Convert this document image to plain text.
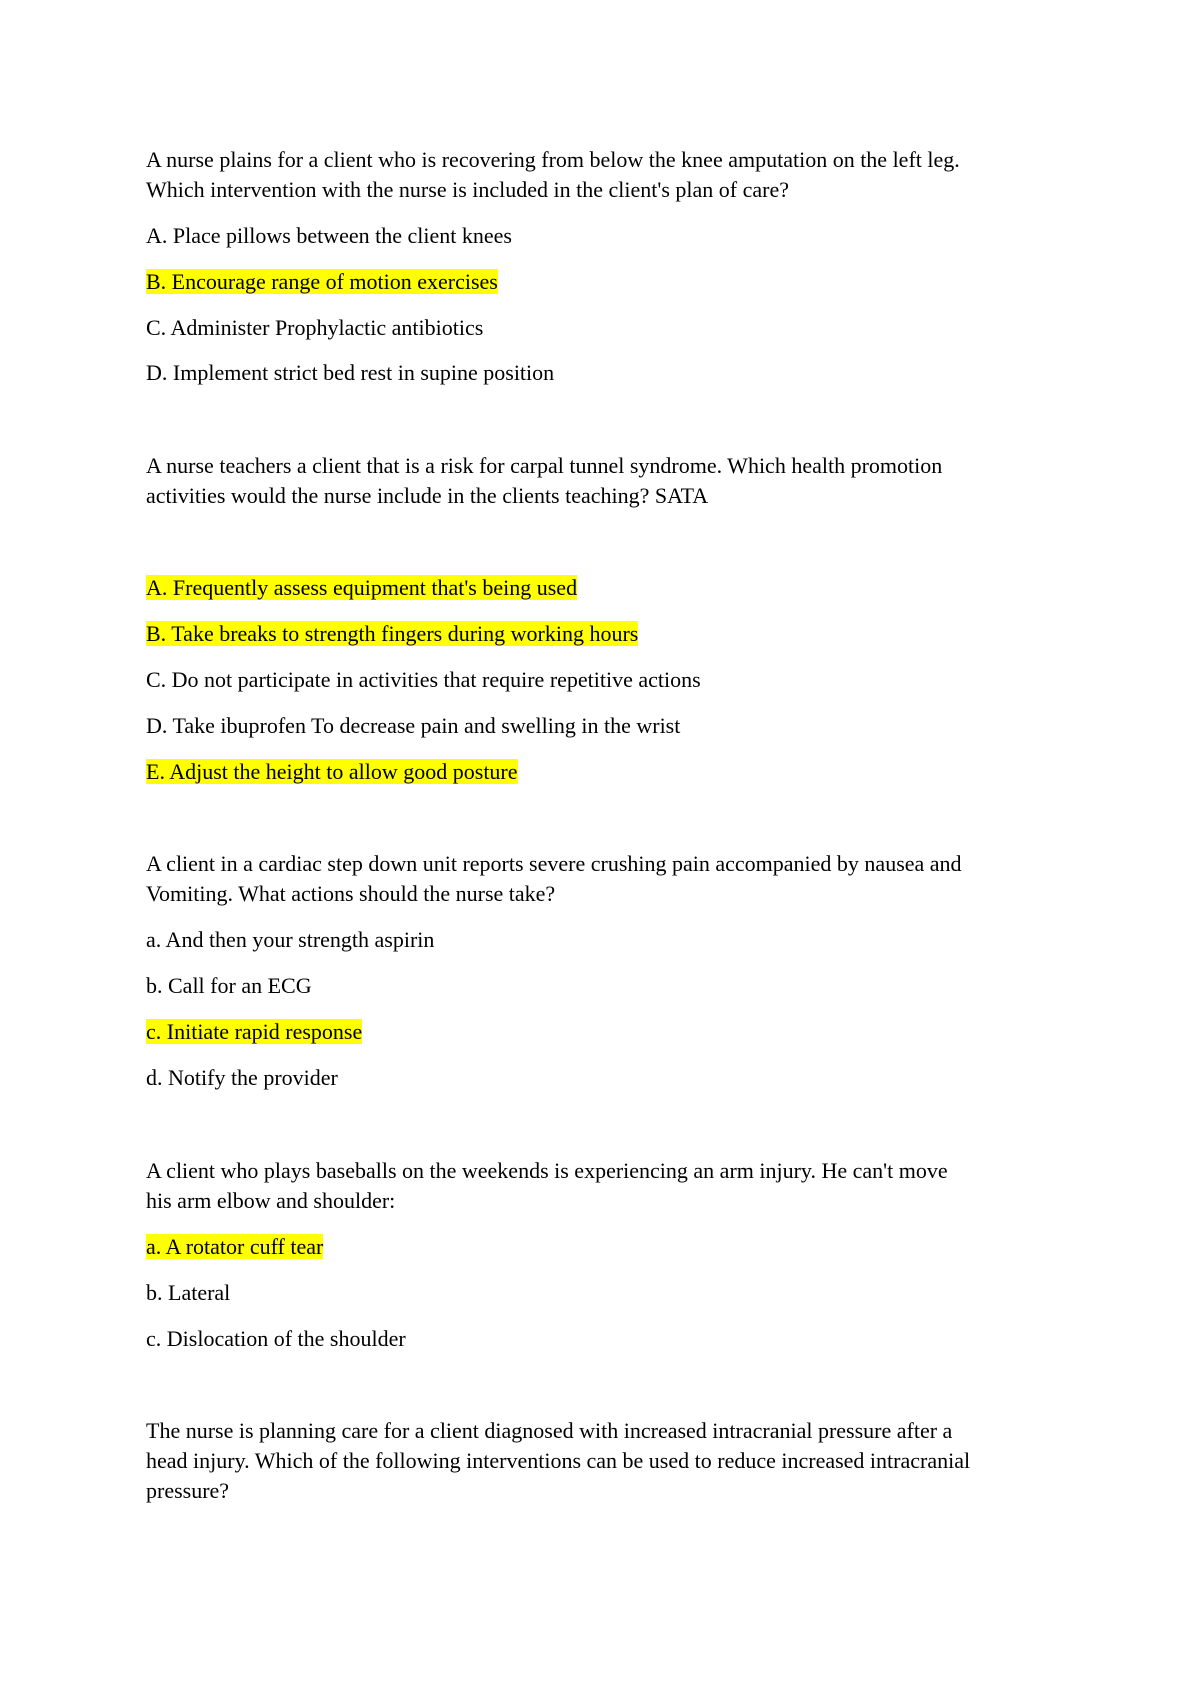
A nurse plains for a client who is recovering from below the knee amputation on the left leg.
Which intervention with the nurse is included in the client's plan of care?
A. Place pillows between the client knees
B. Encourage range of motion exercises
C. Administer Prophylactic antibiotics
D. Implement strict bed rest in supine position
A nurse teachers a client that is a risk for carpal tunnel syndrome. Which health promotion
activities would the nurse include in the clients teaching? SATA
A. Frequently assess equipment that's being used
B. Take breaks to strength fingers during working hours
C. Do not participate in activities that require repetitive actions
D. Take ibuprofen To decrease pain and swelling in the wrist
E. Adjust the height to allow good posture
A client in a cardiac step down unit reports severe crushing pain accompanied by nausea and
Vomiting. What actions should the nurse take?
a. And then your strength aspirin
b. Call for an ECG
c. Initiate rapid response
d. Notify the provider
A client who plays baseballs on the weekends is experiencing an arm injury. He can't move
his arm elbow and shoulder:
a. A rotator cuff tear
b. Lateral
c. Dislocation of the shoulder
The nurse is planning care for a client diagnosed with increased intracranial pressure after a
head injury. Which of the following interventions can be used to reduce increased intracranial
pressure?
